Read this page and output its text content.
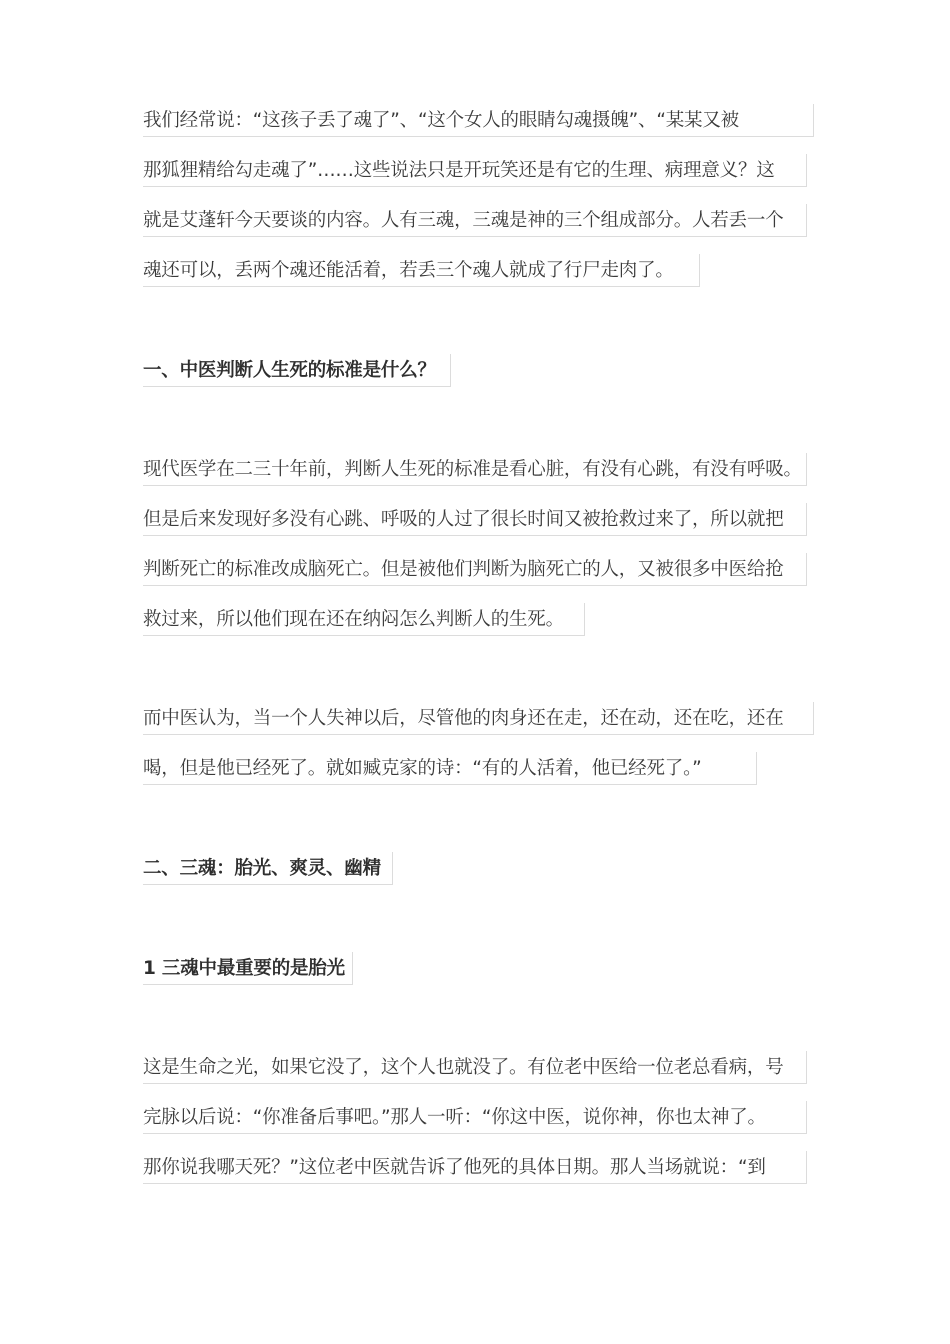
我们经常说：“这孩子丢了魂了”、“这个女人的眼睛勾魂摄魄”、“某某又被
那狐狸精给勾走魂了”……这些说法只是开玩笑还是有它的生理、病理意义？这
就是艾蓬轩今天要谈的内容。人有三魂，三魂是神的三个组成部分。人若丢一个
魂还可以，丢两个魂还能活着，若丢三个魂人就成了行尸走肉了。
一、中医判断人生死的标准是什么？
现代医学在二三十年前，判断人生死的标准是看心脏，有没有心跳，有没有呼吸。
但是后来发现好多没有心跳、呼吸的人过了很长时间又被抢救过来了，所以就把
判断死亡的标准改成脑死亡。但是被他们判断为脑死亡的人，又被很多中医给抢
救过来，所以他们现在还在纳闷怎么判断人的生死。
而中医认为，当一个人失神以后，尽管他的肉身还在走，还在动，还在吃，还在
喝，但是他已经死了。就如臧克家的诗：“有的人活着，他已经死了。”
二、三魂：胎光、爽灵、幽精
1 三魂中最重要的是胎光
这是生命之光，如果它没了，这个人也就没了。有位老中医给一位老总看病，号
完脉以后说：“你准备后事吧。”那人一听：“你这中医，说你神，你也太神了。
那你说我哪天死？”这位老中医就告诉了他死的具体日期。那人当场就说：“到
